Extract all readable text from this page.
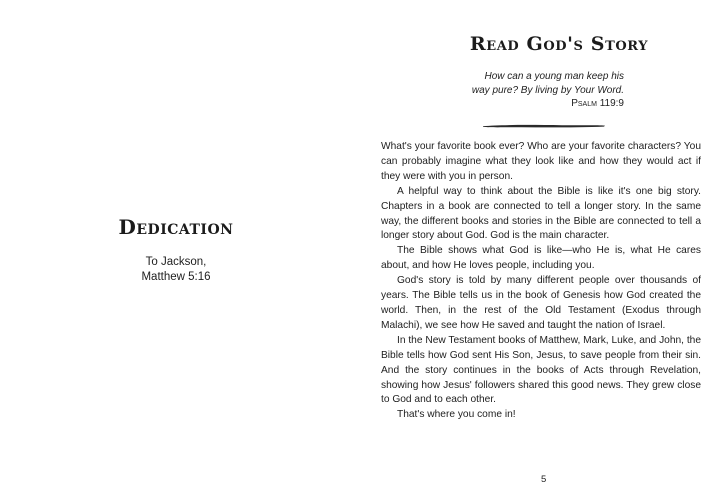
Dedication
To Jackson,
Matthew 5:16
Read God's Story
How can a young man keep his
way pure? By living by Your Word.
Psalm 119:9

What's your favorite book ever? Who are your favorite characters? You can probably imagine what they look like and how they would act if they were with you in person.

A helpful way to think about the Bible is like it's one big story. Chapters in a book are connected to tell a longer story. In the same way, the different books and stories in the Bible are connected to tell a longer story about God. God is the main character.

The Bible shows what God is like—who He is, what He cares about, and how He loves people, including you.

God's story is told by many different people over thousands of years. The Bible tells us in the book of Genesis how God created the world. Then, in the rest of the Old Testament (Exodus through Malachi), we see how He saved and taught the nation of Israel.

In the New Testament books of Matthew, Mark, Luke, and John, the Bible tells how God sent His Son, Jesus, to save people from their sin. And the story continues in the books of Acts through Revelation, showing how Jesus' followers shared this good news. They grew close to God and to each other.

That's where you come in!

5
